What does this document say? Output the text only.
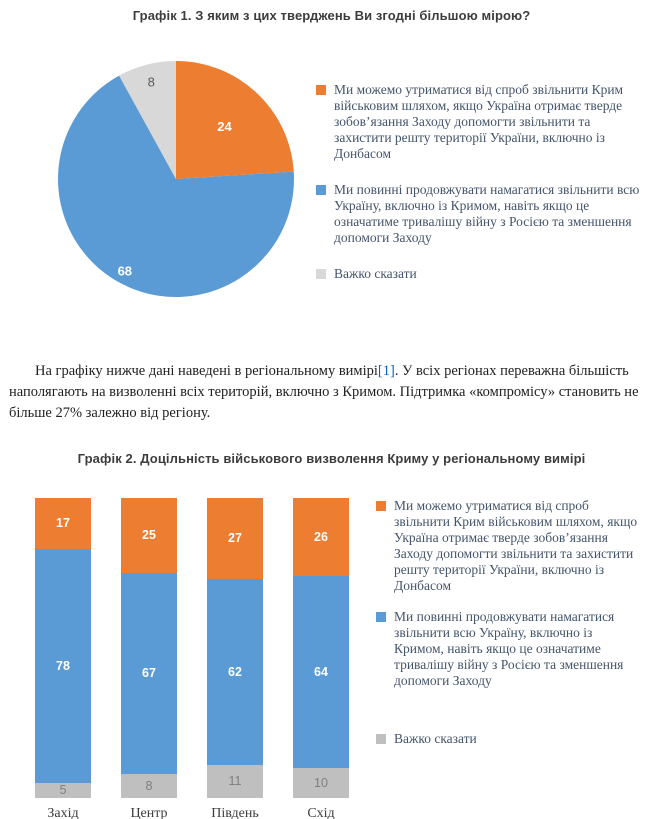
Графік 1. З яким з цих тверджень Ви згодні більшою мірою?
24
68
8
Ми можемо утриматися від спроб звільнити Крим військовим шляхом, якщо Україна отримає тверде зобов’язання Заходу допомогти звільнити та захистити решту території України, включно із Донбасом
Ми повинні продовжувати намагатися звільнити всю Україну, включно із Кримом, навіть якщо це означатиме тривалішу війну з Росією та зменшення допомоги Заходу
Важко сказати

На графіку нижче дані наведені в регіональному вимірі[1]. У всіх регіонах переважна більшість наполягають на визволенні всіх територій, включно з Кримом. Підтримка «компромісу» становить не більше 27% залежно від регіону.

Графік 2. Доцільність військового визволення Криму у регіональному вимірі
17
78
5
Захід
25
67
8
Центр
27
62
11
Південь
26
64
10
Схід
Ми можемо утриматися від спроб звільнити Крим військовим шляхом, якщо Україна отримає тверде зобов’язання Заходу допомогти звільнити та захистити решту території України, включно із Донбасом
Ми повинні продовжувати намагатися звільнити всю Україну, включно із Кримом, навіть якщо це означатиме тривалішу війну з Росією та зменшення допомоги Заходу
Важко сказати
